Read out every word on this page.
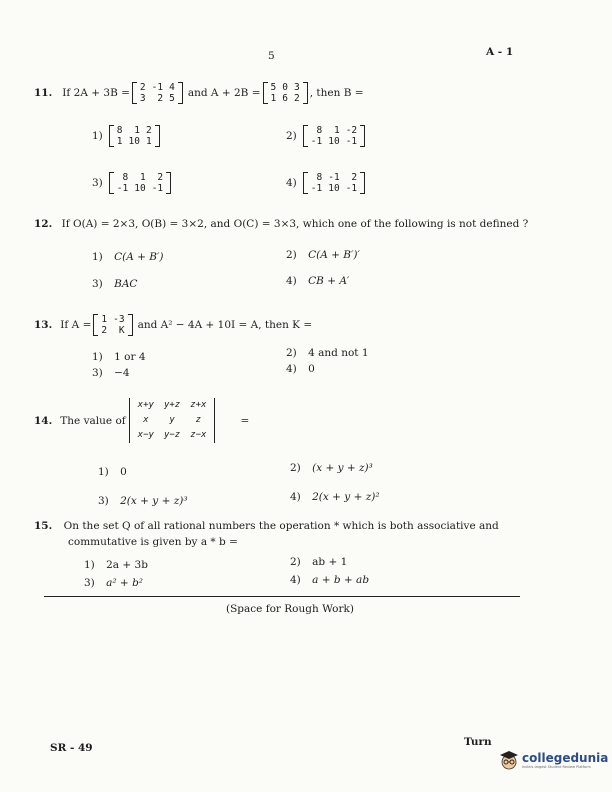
5	A - 1
11. If 2A + 3B = 2	-1	4
3	2	5 and A + 2B = 5	0	3
1	6	2 , then B =
1) 8	1	2
1	10	1	2) 8	1	-2
-1	10	-1
3) 8	1	2
-1	10	-1	4) 8	-1	2
-1	10	-1
12. If O(A) = 2×3, O(B) = 3×2, and O(C) = 3×3, which one of the following is not defined ?
1) C(A + B′)	2) C(A + B′)′
3) BAC	4) CB + A′
13. If A = 1	-3
2	K and A² − 4A + 10I = A, then K =
1) 1 or 4	2) 4 and not 1
3) −4	4) 0
14. The value of
x+y	y+z	z+x
x	y	z
x−y	y−z	z−x
=
1) 0	2) (x + y + z)³
3) 2(x + y + z)³	4) 2(x + y + z)²
15. On the set Q of all rational numbers the operation * which is both associative and
commutative is given by a * b =
1) 2a + 3b	2) ab + 1
3) a² + b²	4) a + b + ab
(Space for Rough Work)
SR - 49	Turn
collegedunia
India's largest Student Review Platform
